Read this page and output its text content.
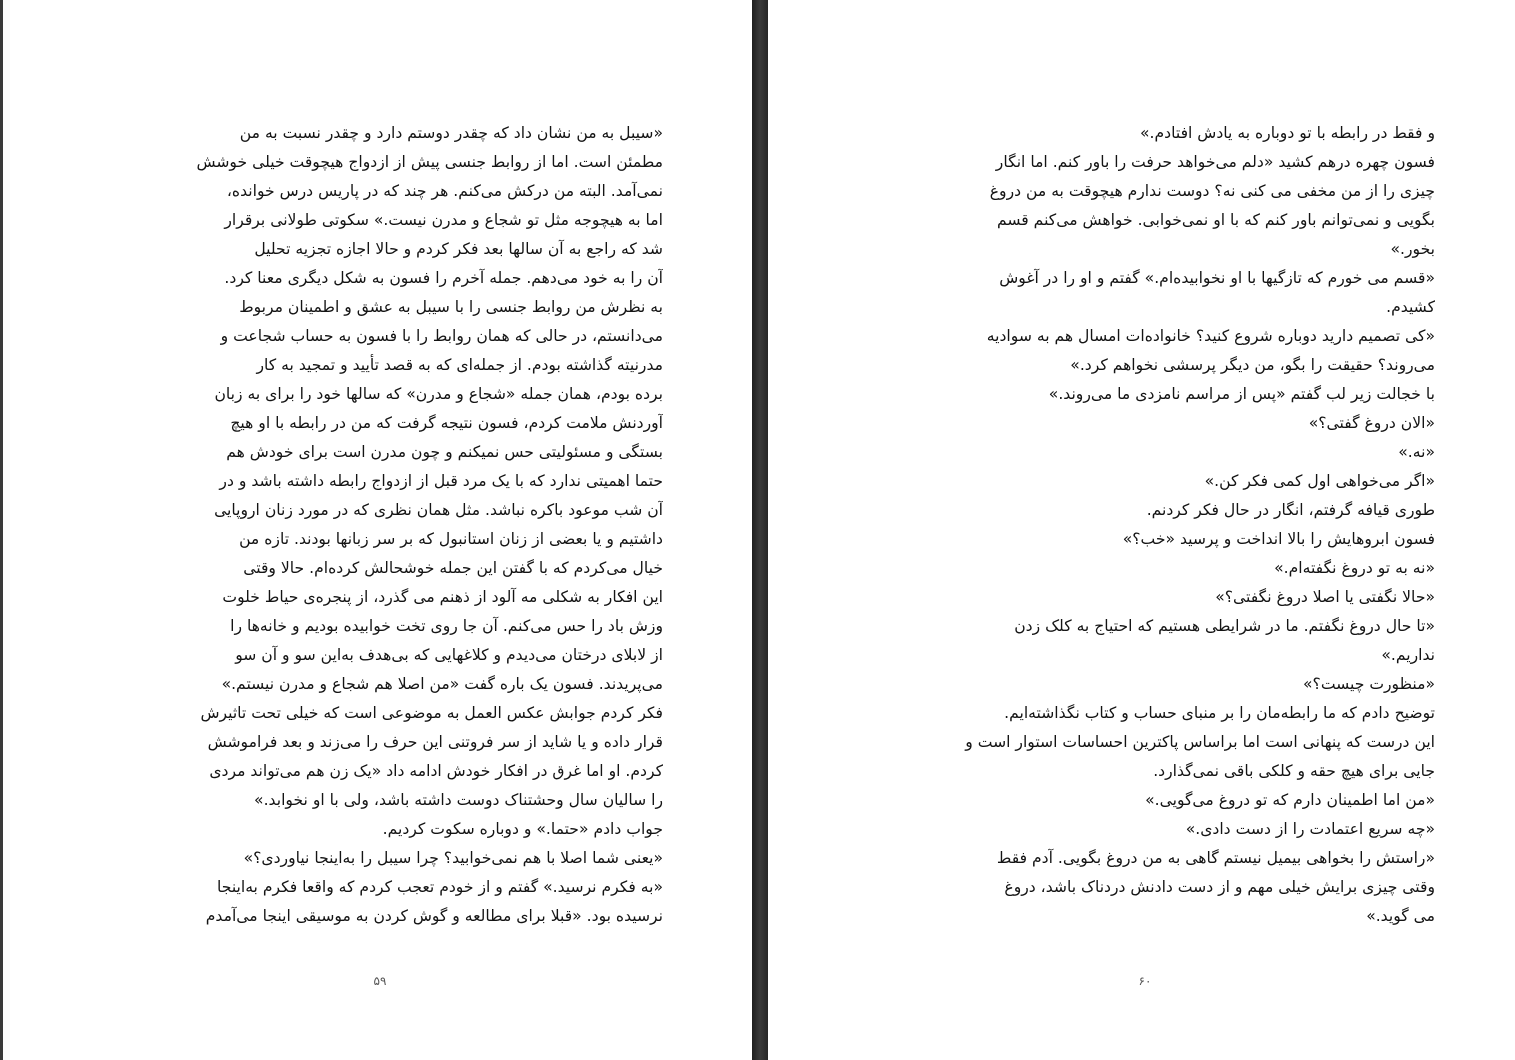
«سیبل به من نشان داد که چقدر دوستم دارد و چقدر نسبت به من
مطمئن است. اما از روابط جنسی پیش از ازدواج هیچوقت خیلی خوشش
نمی‌آمد. البته من درکش می‌کنم. هر چند که در پاریس درس خوانده،
اما به هیچوجه مثل تو شجاع و مدرن نیست.» سکوتی طولانی برقرار
شد که راجع به آن سالها بعد فکر کردم و حالا اجازه تجزیه تحلیل
آن را به خود می‌دهم. جمله آخرم را فسون به شکل دیگری معنا کرد.
به نظرش من روابط جنسی را با سیبل به عشق و اطمینان مربوط
می‌دانستم، در حالی که همان روابط را با فسون به حساب شجاعت و
مدرنیته گذاشته بودم. از جمله‌ای که به قصد تأیید و تمجید به کار
برده بودم، همان جمله «شجاع و مدرن» که سالها خود را برای به زبان
آوردنش ملامت کردم، فسون نتیجه گرفت که من در رابطه با او هیچ
بستگی و مسئولیتی حس نمیکنم و چون مدرن است برای خودش هم
حتما اهمیتی ندارد که با یک مرد قبل از ازدواج رابطه داشته باشد و در
آن شب موعود باکره نباشد. مثل همان نظری که در مورد زنان اروپایی
داشتیم و یا بعضی از زنان استانبول که بر سر زبانها بودند. تازه من
خیال می‌کردم که با گفتن این جمله خوشحالش کرده‌ام. حالا وقتی
این افکار به شکلی مه آلود از ذهنم می گذرد، از پنجره‌ی حیاط خلوت
وزش باد را حس می‌کنم. آن جا روی تخت خوابیده بودیم و خانه‌ها را
از لابلای درختان می‌دیدم و کلاغهایی که بی‌هدف به‌این سو و آن سو
می‌پریدند. فسون یک باره گفت «من اصلا هم شجاع و مدرن نیستم.»
فکر کردم جوابش عکس العمل به موضوعی است که خیلی تحت تاثیرش
قرار داده و یا شاید از سر فروتنی این حرف را می‌زند و بعد فراموشش
کردم. او اما غرق در افکار خودش ادامه داد «یک زن هم می‌تواند مردی
را سالیان سال وحشتناک دوست داشته باشد، ولی با او نخوابد.»
جواب دادم «حتما.» و دوباره سکوت کردیم.
«یعنی شما اصلا با هم نمی‌خوابید؟ چرا سیبل را به‌اینجا نیاوردی؟»
«به فکرم نرسید.» گفتم و از خودم تعجب کردم که واقعا فکرم به‌اینجا
نرسیده بود. «قبلا برای مطالعه و گوش کردن به موسیقی اینجا می‌آمدم
۵۹
و فقط در رابطه با تو دوباره به یادش افتادم.»
فسون چهره درهم کشید «دلم می‌خواهد حرفت را باور کنم. اما انگار
چیزی را از من مخفی می کنی نه؟ دوست ندارم هیچوقت به من دروغ
بگویی و نمی‌توانم باور کنم که با او نمی‌خوابی. خواهش می‌کنم قسم
بخور.»
«قسم می خورم که تازگیها با او نخوابیده‌ام.» گفتم و او را در آغوش
کشیدم.
«کی تصمیم دارید دوباره شروع کنید؟ خانواده‌ات امسال هم به سوادیه
می‌روند؟ حقیقت را بگو، من دیگر پرسشی نخواهم کرد.»
با خجالت زیر لب گفتم «پس از مراسم نامزدی ما می‌روند.»
«الان دروغ گفتی؟»
«نه.»
«اگر می‌خواهی اول کمی فکر کن.»
طوری قیافه گرفتم، انگار در حال فکر کردنم.
فسون ابروهایش را بالا انداخت و پرسید «خب؟»
«نه به تو دروغ نگفته‌ام.»
«حالا نگفتی یا اصلا دروغ نگفتی؟»
«تا حال دروغ نگفتم. ما در شرایطی هستیم که احتیاج به کلک زدن
نداریم.»
«منظورت چیست؟»
توضیح دادم که ما رابطه‌مان را بر منبای حساب و کتاب نگذاشته‌ایم.
این درست که پنهانی است اما براساس پاکترین احساسات استوار است و
جایی برای هیچ حقه و کلکی باقی نمی‌گذارد.
«من اما اطمینان دارم که تو دروغ می‌گویی.»
«چه سریع اعتمادت را از دست دادی.»
«راستش را بخواهی بیمیل نیستم گاهی به من دروغ بگویی. آدم فقط
وقتی چیزی برایش خیلی مهم و از دست دادنش دردناک باشد، دروغ
می گوید.»
۶۰
